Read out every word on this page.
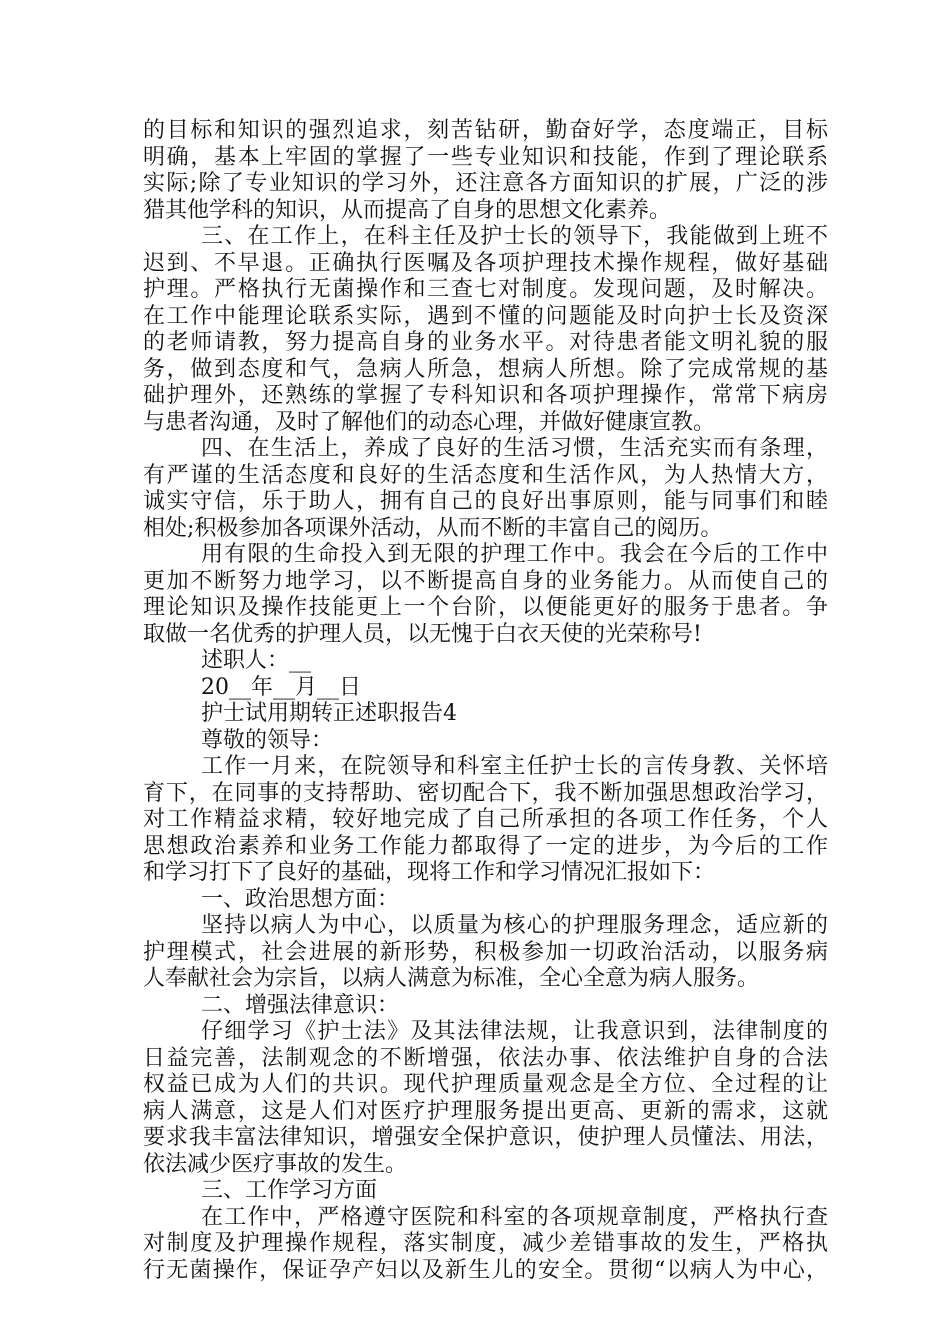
的目标和知识的强烈追求，刻苦钻研，勤奋好学，态度端正，目标
明确，基本上牢固的掌握了一些专业知识和技能，作到了理论联系
实际;除了专业知识的学习外，还注意各方面知识的扩展，广泛的涉
猎其他学科的知识，从而提高了自身的思想文化素养。
三、在工作上，在科主任及护士长的领导下，我能做到上班不
迟到、不早退。正确执行医嘱及各项护理技术操作规程，做好基础
护理。严格执行无菌操作和三查七对制度。发现问题，及时解决。
在工作中能理论联系实际，遇到不懂的问题能及时向护士长及资深
的老师请教，努力提高自身的业务水平。对待患者能文明礼貌的服
务，做到态度和气，急病人所急，想病人所想。除了完成常规的基
础护理外，还熟练的掌握了专科知识和各项护理操作，常常下病房
与患者沟通，及时了解他们的动态心理，并做好健康宣教。
四、在生活上，养成了良好的生活习惯，生活充实而有条理，
有严谨的生活态度和良好的生活态度和生活作风，为人热情大方，
诚实守信，乐于助人，拥有自己的良好出事原则，能与同事们和睦
相处;积极参加各项课外活动，从而不断的丰富自己的阅历。
用有限的生命投入到无限的护理工作中。我会在今后的工作中
更加不断努力地学习，以不断提高自身的业务能力。从而使自己的
理论知识及操作技能更上一个台阶，以便能更好的服务于患者。争
取做一名优秀的护理人员，以无愧于白衣天使的光荣称号!
述职人：__
20__年__月__日
护士试用期转正述职报告4
尊敬的领导：
工作一月来，在院领导和科室主任护士长的言传身教、关怀培
育下，在同事的支持帮助、密切配合下，我不断加强思想政治学习，
对工作精益求精，较好地完成了自己所承担的各项工作任务，个人
思想政治素养和业务工作能力都取得了一定的进步，为今后的工作
和学习打下了良好的基础，现将工作和学习情况汇报如下：
一、政治思想方面：
坚持以病人为中心，以质量为核心的护理服务理念，适应新的
护理模式，社会进展的新形势，积极参加一切政治活动，以服务病
人奉献社会为宗旨，以病人满意为标准，全心全意为病人服务。
二、增强法律意识：
仔细学习《护士法》及其法律法规，让我意识到，法律制度的
日益完善，法制观念的不断增强，依法办事、依法维护自身的合法
权益已成为人们的共识。现代护理质量观念是全方位、全过程的让
病人满意，这是人们对医疗护理服务提出更高、更新的需求，这就
要求我丰富法律知识，增强安全保护意识，使护理人员懂法、用法，
依法减少医疗事故的发生。
三、工作学习方面
在工作中，严格遵守医院和科室的各项规章制度，严格执行查
对制度及护理操作规程，落实制度，减少差错事故的发生，严格执
行无菌操作，保证孕产妇以及新生儿的安全。贯彻“以病人为中心，
